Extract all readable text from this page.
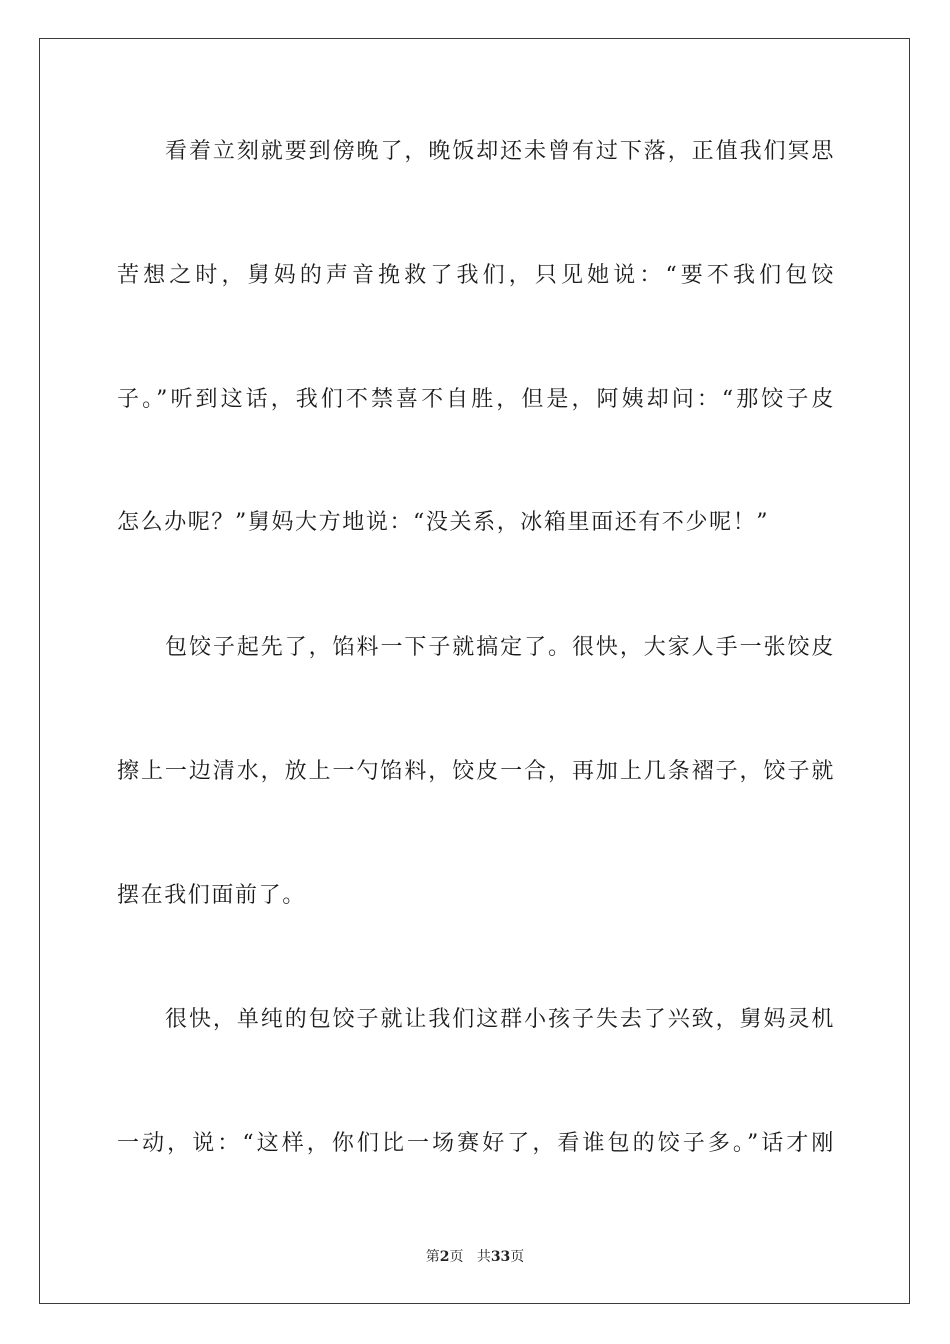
看着立刻就要到傍晚了，晚饭却还未曾有过下落，正值我们冥思
苦想之时，舅妈的声音挽救了我们，只见她说：“要不我们包饺
子。”听到这话，我们不禁喜不自胜，但是，阿姨却问：“那饺子皮
怎么办呢？”舅妈大方地说：“没关系，冰箱里面还有不少呢！”
包饺子起先了，馅料一下子就搞定了。很快，大家人手一张饺皮
擦上一边清水，放上一勺馅料，饺皮一合，再加上几条褶子，饺子就
摆在我们面前了。
很快，单纯的包饺子就让我们这群小孩子失去了兴致，舅妈灵机
一动，说：“这样，你们比一场赛好了，看谁包的饺子多。”话才刚
第2页 共33页
